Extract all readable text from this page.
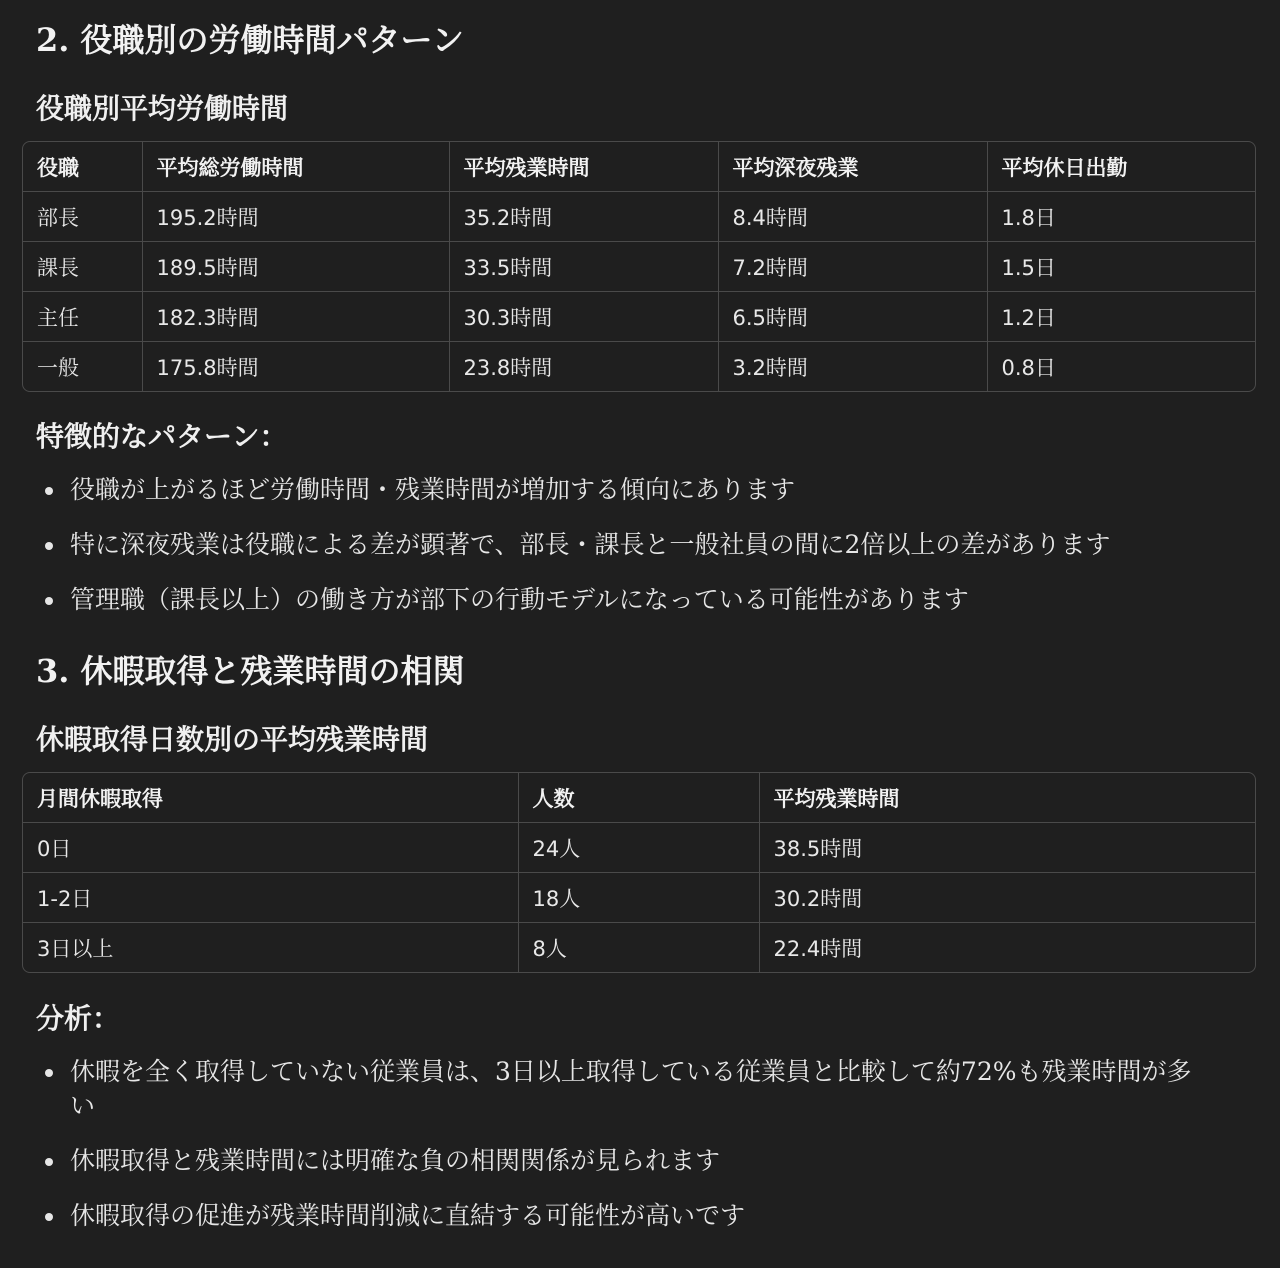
2. 役職別の労働時間パターン
役職別平均労働時間
役職	平均総労働時間	平均残業時間	平均深夜残業	平均休日出勤
部長	195.2時間	35.2時間	8.4時間	1.8日
課長	189.5時間	33.5時間	7.2時間	1.5日
主任	182.3時間	30.3時間	6.5時間	1.2日
一般	175.8時間	23.8時間	3.2時間	0.8日
特徴的なパターン：
役職が上がるほど労働時間・残業時間が増加する傾向にあります
特に深夜残業は役職による差が顕著で、部長・課長と一般社員の間に2倍以上の差があります
管理職（課長以上）の働き方が部下の行動モデルになっている可能性があります
3. 休暇取得と残業時間の相関
休暇取得日数別の平均残業時間
月間休暇取得	人数	平均残業時間
0日	24人	38.5時間
1-2日	18人	30.2時間
3日以上	8人	22.4時間
分析：
休暇を全く取得していない従業員は、3日以上取得している従業員と比較して約72%も残業時間が多い
休暇取得と残業時間には明確な負の相関関係が見られます
休暇取得の促進が残業時間削減に直結する可能性が高いです
